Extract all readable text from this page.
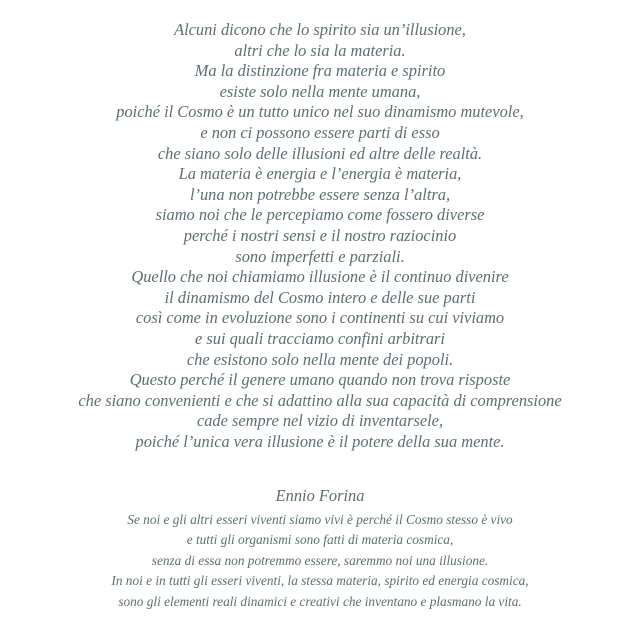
Alcuni dicono che lo spirito sia un’illusione,
altri che lo sia la materia.
Ma la distinzione fra materia e spirito
esiste solo nella mente umana,
poiché il Cosmo è un tutto unico nel suo dinamismo mutevole,
e non ci possono essere parti di esso
che siano solo delle illusioni ed altre delle realtà.
La materia è energia e l’energia è materia,
l’una non potrebbe essere senza l’altra,
siamo noi che le percepiamo come fossero diverse
perché i nostri sensi e il nostro raziocinio
sono imperfetti e parziali.
Quello che noi chiamiamo illusione è il continuo divenire
il dinamismo del Cosmo intero e delle sue parti
così come in evoluzione sono i continenti su cui viviamo
e sui quali tracciamo confini arbitrari
che esistono solo nella mente dei popoli.
Questo perché il genere umano quando non trova risposte
che siano convenienti e che si adattino alla sua capacità di comprensione
cade sempre nel vizio di inventarsele,
poiché l’unica vera illusione è il potere della sua mente.
Ennio Forina
Se noi e gli altri esseri viventi siamo vivi è perché il Cosmo stesso è vivo
e tutti gli organismi sono fatti di materia cosmica,
senza di essa non potremmo essere, saremmo noi una illusione.
In noi e in tutti gli esseri viventi, la stessa materia, spirito ed energia cosmica,
sono gli elementi reali dinamici e creativi che inventano e plasmano la vita.
